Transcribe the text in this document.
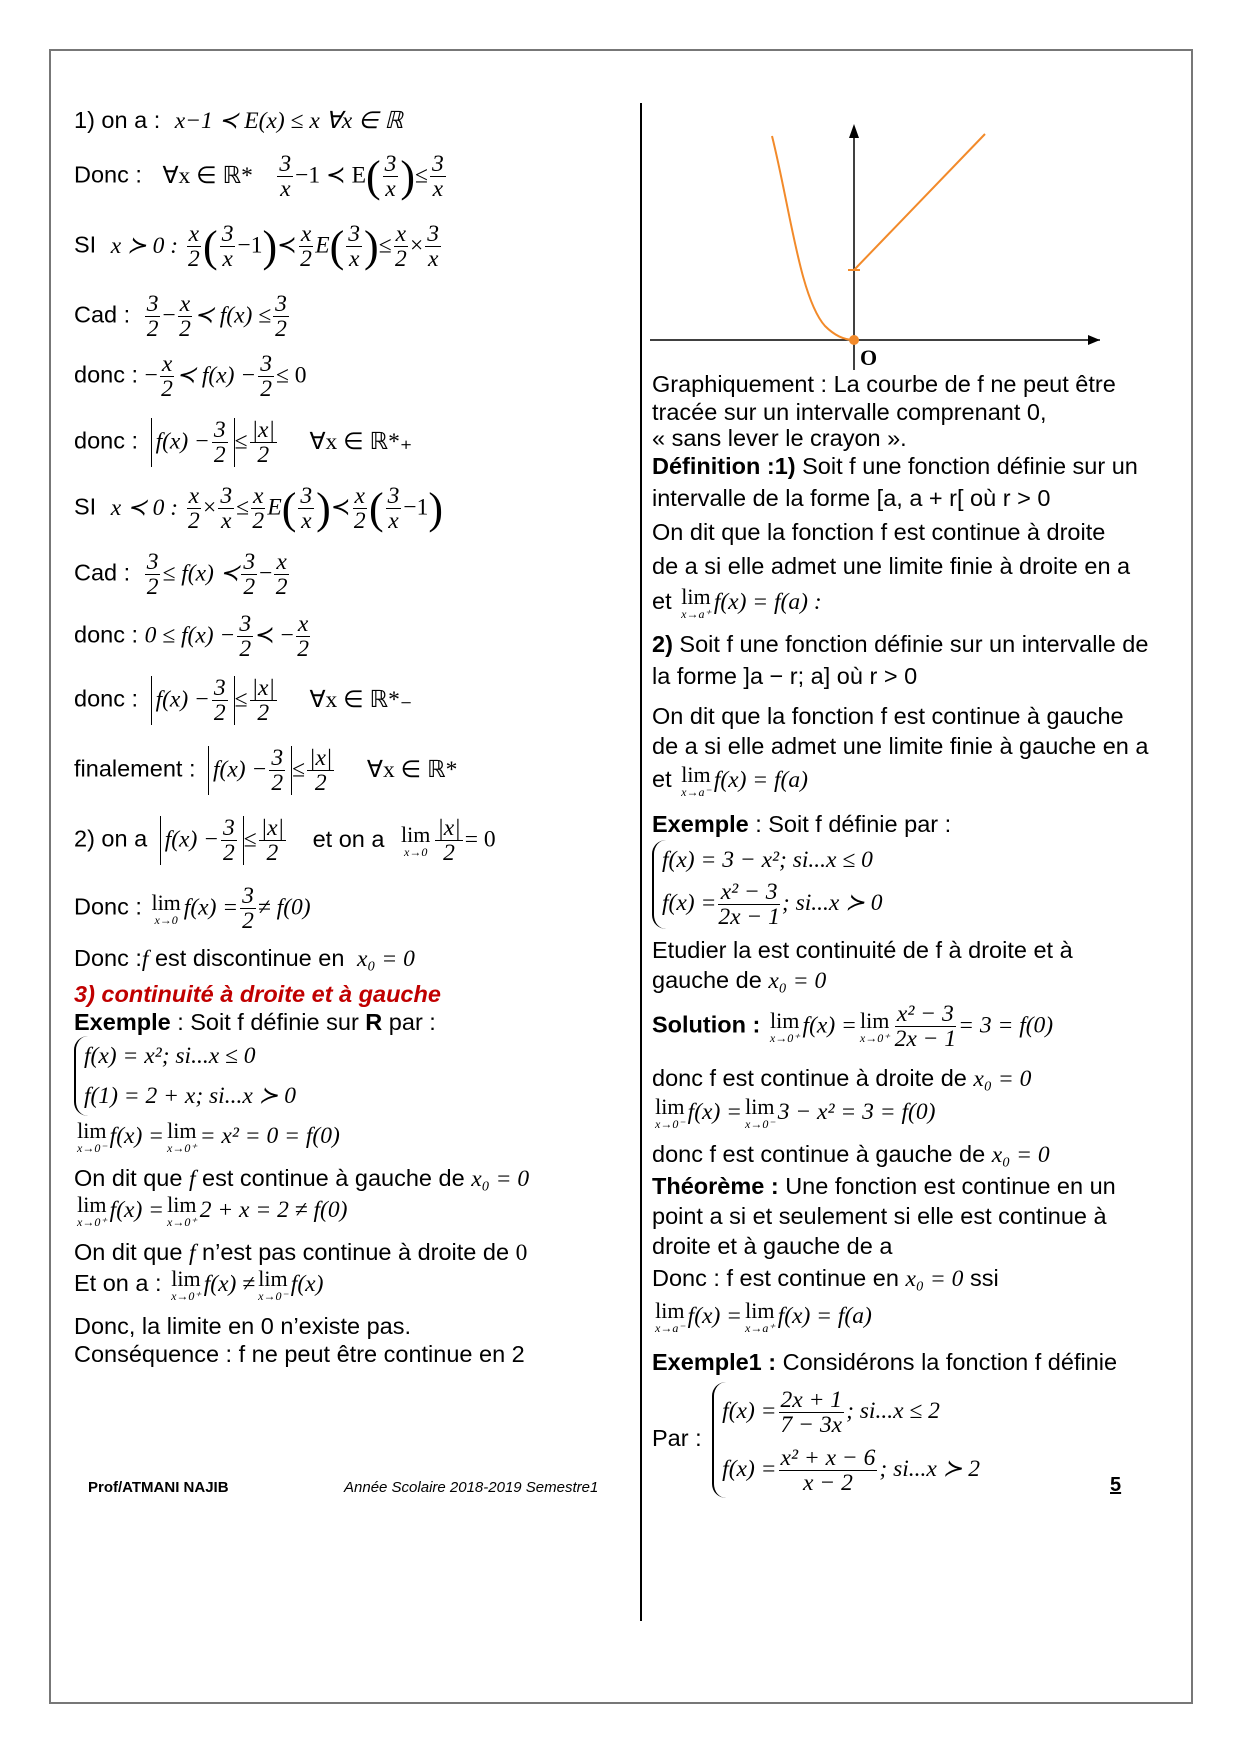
1) on a : x−1 ≺ E(x) ≤ x ∀x ∈ ℝ
Donc : ∀x ∈ ℝ* $\frac{3}{x} -1$ ≺ $E( \frac{3}{x}$ )≤ $\frac{3}{x}$
SI x ≻ 0 : $\frac{x}{2}$ ( $\frac{3}{x}$ −1)≺ $\frac{x}{2} E( \frac{3}{x}$ )≤ $\frac{x}{2} \times \frac{3}{x}$
Cad : $\frac{3}{2} - \frac{x}{2}$ ≺ $f(x) \le \frac{3}{2}$
donc : − $\frac{x}{2}$ ≺ $f(x) - \frac{3}{2} \le 0$
donc : $f(x) - \frac{3}{2} \le \frac{|x|}{2}$ ∀x ∈ ℝ*₊
SI x ≺ 0 : $\frac{x}{2} \times \frac{3}{x} \le \frac{x}{2} E( \frac{3}{x}$ )≺ $\frac{x}{2}$ ( $\frac{3}{x} -1$)
Cad : $\frac{3}{2} \le f(x)$ ≺ $\frac{3}{2} - \frac{x}{2}$
donc : $0 \le f(x) - \frac{3}{2}$ ≺ − $\frac{x}{2}$
donc : $f(x) - \frac{3}{2} \le \frac{|x|}{2}$ ∀x ∈ ℝ*₋
finalement : $f(x) - \frac{3}{2} \le \frac{|x|}{2}$ ∀x ∈ ℝ*
2) on a $f(x) - \frac{3}{2} \le \frac{|x|}{2}$ et on a lim
$x\to 0 \frac{|x|}{2} = 0$
Donc : lim
x→0 $f(x) = \frac{3}{2} \ne f(0)$
Donc :f est discontinue en x₀ = 0
3) continuité à droite et à gauche
Exemple : Soit f définie sur R par :
f(x) = x²; si...x ≤ 0
f(1) = 2 + x; si...x ≻ 0
lim
x→0⁻ f(x) = lim
x→0⁺ = x² = 0 = f(0)
On dit que f est continue à gauche de x₀ = 0
lim
x→0⁺ f(x) = lim
x→0⁺ 2 + x = 2 ≠ f(0)
On dit que f n’est pas continue à droite de 0
Et on a : lim
x→0⁺ f(x) ≠ lim
x→0⁻ f(x)
Donc, la limite en 0 n’existe pas.
Conséquence : f ne peut être continue en 2
O
Graphiquement : La courbe de f ne peut être
tracée sur un intervalle comprenant 0,
« sans lever le crayon ».
Définition :1) Soit f une fonction définie sur un
intervalle de la forme [a, a + r[ où r > 0
On dit que la fonction f est continue à droite
de a si elle admet une limite finie à droite en a
et lim
x→a⁺ f(x) = f(a) :
2) Soit f une fonction définie sur un intervalle de
la forme ]a − r; a] où r > 0
On dit que la fonction f est continue à gauche
de a si elle admet une limite finie à gauche en a
et lim
x→a⁻ f(x) = f(a)
Exemple : Soit f définie par :
f(x) = 3 − x²; si...x ≤ 0
$f(x) = \frac{\text{x² − 3}}{2x - 1}$ ; si...x ≻ 0
Etudier la est continuité de f à droite et à
gauche de x₀ = 0
Solution : lim
x→0⁺ f(x) = lim
$x\to 0^+ \frac{\text{x² − 3}}{2x - 1} = 3 = f(0)$
donc f est continue à droite de x₀ = 0
lim
x→0⁻ f(x) = lim
x→0⁻ 3 − x² = 3 = f(0)
donc f est continue à gauche de x₀ = 0
Théorème : Une fonction est continue en un
point a si et seulement si elle est continue à
droite et à gauche de a
Donc : f est continue en x₀ = 0 ssi
lim
x→a⁻ f(x) = lim
x→a⁺ f(x) = f(a)
Exemple1 : Considérons la fonction f définie
Par :
$f(x) = \frac{2x + 1}{7 - 3x}$ ; si...x ≤ 2
$f(x) = \frac{\text{x² + x − 6}}{x - 2}$ ; si...x ≻ 2
Prof/ATMANI NAJIB	Année Scolaire 2018-2019 Semestre1	5
